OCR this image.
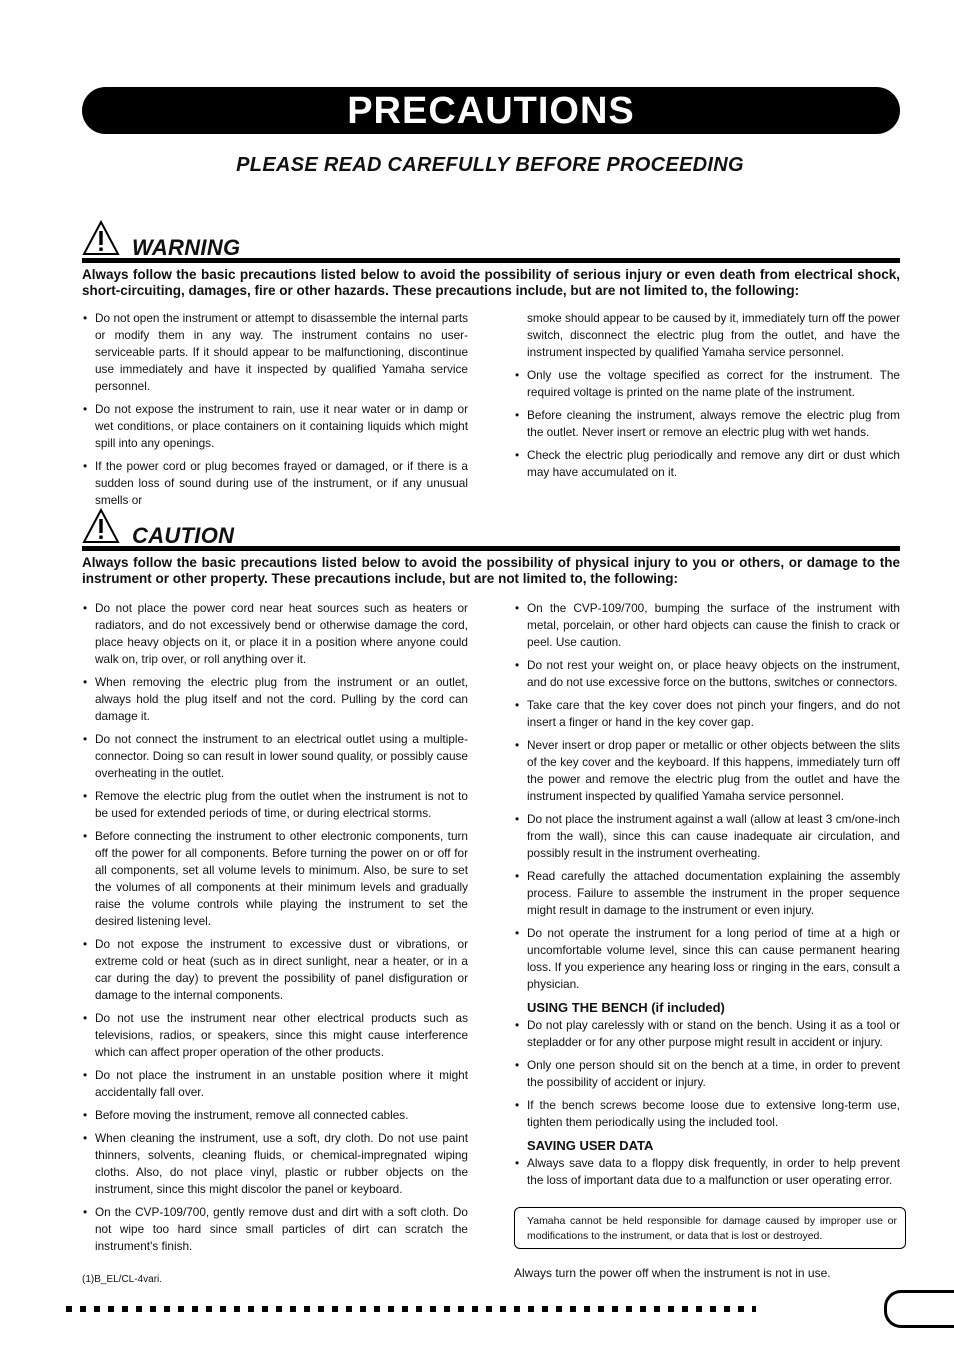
PRECAUTIONS
PLEASE READ CAREFULLY BEFORE PROCEEDING
WARNING
Always follow the basic precautions listed below to avoid the possibility of serious injury or even death from electrical shock, short-circuiting, damages, fire or other hazards. These precautions include, but are not limited to, the following:
• Do not open the instrument or attempt to disassemble the internal parts or modify them in any way. The instrument contains no user-serviceable parts. If it should appear to be malfunctioning, discontinue use immediately and have it inspected by qualified Yamaha service personnel.
• Do not expose the instrument to rain, use it near water or in damp or wet conditions, or place containers on it containing liquids which might spill into any openings.
• If the power cord or plug becomes frayed or damaged, or if there is a sudden loss of sound during use of the instrument, or if any unusual smells or
smoke should appear to be caused by it, immediately turn off the power switch, disconnect the electric plug from the outlet, and have the instrument inspected by qualified Yamaha service personnel.
• Only use the voltage specified as correct for the instrument. The required voltage is printed on the name plate of the instrument.
• Before cleaning the instrument, always remove the electric plug from the outlet. Never insert or remove an electric plug with wet hands.
• Check the electric plug periodically and remove any dirt or dust which may have accumulated on it.
CAUTION
Always follow the basic precautions listed below to avoid the possibility of physical injury to you or others, or damage to the instrument or other property. These precautions include, but are not limited to, the following:
• Do not place the power cord near heat sources such as heaters or radiators, and do not excessively bend or otherwise damage the cord, place heavy objects on it, or place it in a position where anyone could walk on, trip over, or roll anything over it.
• When removing the electric plug from the instrument or an outlet, always hold the plug itself and not the cord. Pulling by the cord can damage it.
• Do not connect the instrument to an electrical outlet using a multiple-connector. Doing so can result in lower sound quality, or possibly cause overheating in the outlet.
• Remove the electric plug from the outlet when the instrument is not to be used for extended periods of time, or during electrical storms.
• Before connecting the instrument to other electronic components, turn off the power for all components. Before turning the power on or off for all components, set all volume levels to minimum. Also, be sure to set the volumes of all components at their minimum levels and gradually raise the volume controls while playing the instrument to set the desired listening level.
• Do not expose the instrument to excessive dust or vibrations, or extreme cold or heat (such as in direct sunlight, near a heater, or in a car during the day) to prevent the possibility of panel disfiguration or damage to the internal components.
• Do not use the instrument near other electrical products such as televisions, radios, or speakers, since this might cause interference which can affect proper operation of the other products.
• Do not place the instrument in an unstable position where it might accidentally fall over.
• Before moving the instrument, remove all connected cables.
• When cleaning the instrument, use a soft, dry cloth. Do not use paint thinners, solvents, cleaning fluids, or chemical-impregnated wiping cloths. Also, do not place vinyl, plastic or rubber objects on the instrument, since this might discolor the panel or keyboard.
• On the CVP-109/700, gently remove dust and dirt with a soft cloth. Do not wipe too hard since small particles of dirt can scratch the instrument's finish.
• On the CVP-109/700, bumping the surface of the instrument with metal, porcelain, or other hard objects can cause the finish to crack or peel. Use caution.
• Do not rest your weight on, or place heavy objects on the instrument, and do not use excessive force on the buttons, switches or connectors.
• Take care that the key cover does not pinch your fingers, and do not insert a finger or hand in the key cover gap.
• Never insert or drop paper or metallic or other objects between the slits of the key cover and the keyboard. If this happens, immediately turn off the power and remove the electric plug from the outlet and have the instrument inspected by qualified Yamaha service personnel.
• Do not place the instrument against a wall (allow at least 3 cm/one-inch from the wall), since this can cause inadequate air circulation, and possibly result in the instrument overheating.
• Read carefully the attached documentation explaining the assembly process. Failure to assemble the instrument in the proper sequence might result in damage to the instrument or even injury.
• Do not operate the instrument for a long period of time at a high or uncomfortable volume level, since this can cause permanent hearing loss. If you experience any hearing loss or ringing in the ears, consult a physician.
USING THE BENCH (if included)
• Do not play carelessly with or stand on the bench. Using it as a tool or stepladder or for any other purpose might result in accident or injury.
• Only one person should sit on the bench at a time, in order to prevent the possibility of accident or injury.
• If the bench screws become loose due to extensive long-term use, tighten them periodically using the included tool.
SAVING USER DATA
• Always save data to a floppy disk frequently, in order to help prevent the loss of important data due to a malfunction or user operating error.
Yamaha cannot be held responsible for damage caused by improper use or modifications to the instrument, or data that is lost or destroyed.
Always turn the power off when the instrument is not in use.
(1)B_EL/CL-4vari.
